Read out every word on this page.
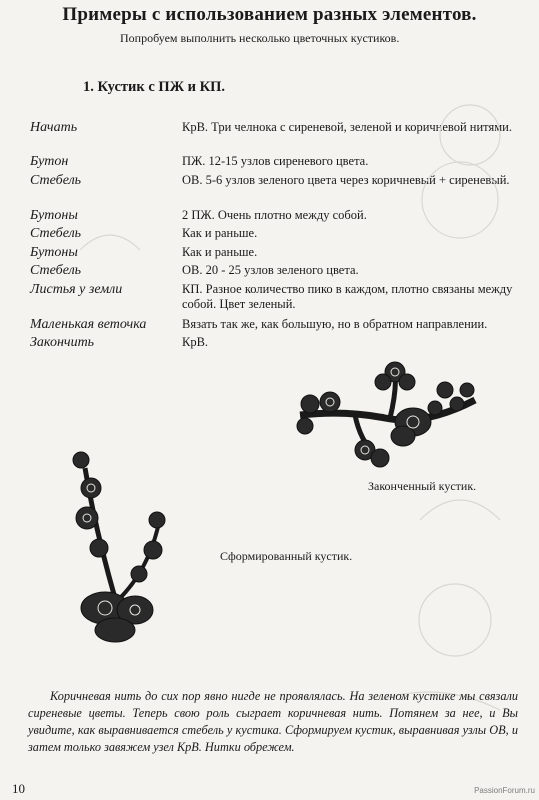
Примеры с использованием разных элементов.
Попробуем выполнить несколько цветочных кустиков.
1. Кустик с ПЖ и КП.
Начать	КрВ. Три челнока с сиреневой, зеленой и коричневой нитями.
Бутон	ПЖ. 12-15 узлов сиреневого цвета.
Стебель	ОВ. 5-6 узлов зеленого цвета через коричневый + сиреневый.
Бутоны	2 ПЖ. Очень плотно между собой.
Стебель	Как и раньше.
Бутоны	Как и раньше.
Стебель	ОВ. 20 - 25 узлов зеленого цвета.
Листья у земли	КП. Разное количество пико в каждом, плотно связаны между собой. Цвет зеленый.
Маленькая веточка	Вязать так же, как большую, но в обратном направлении.
Закончить	КрВ.
Законченный кустик.
Сформированный кустик.
Коричневая нить до сих пор явно нигде не проявлялась. На зеленом кустике мы связали сиреневые цветы. Теперь свою роль сыграет коричневая нить. Потянем за нее, и Вы увидите, как выравнивается стебель у кустика. Сформируем кустик, выравнивая узлы ОВ, и затем только завяжем узел КрВ. Нитки обрежем.
10	PassionForum.ru
